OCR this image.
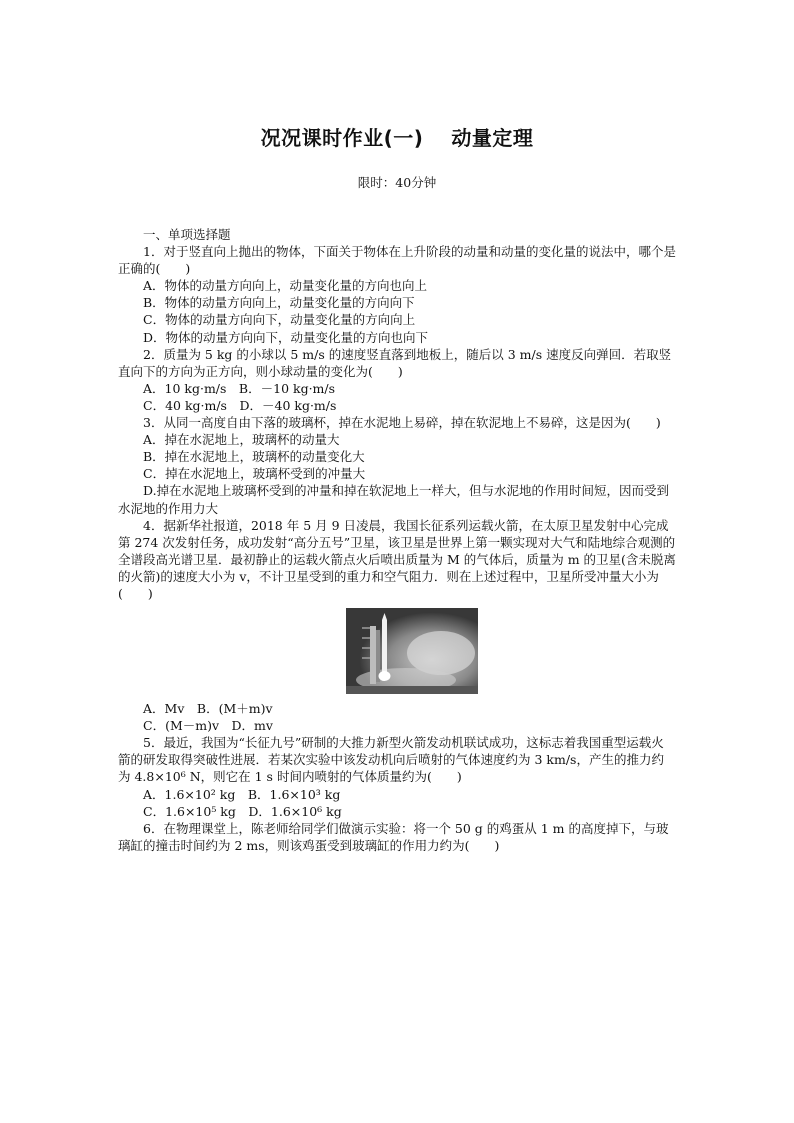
况况课时作业(一)　 动量定理
限时：40分钟

一、单项选择题

1．对于竖直向上抛出的物体，下面关于物体在上升阶段的动量和动量的变化量的说法中，哪个是正确的(　　)

A．物体的动量方向向上，动量变化量的方向也向上

B．物体的动量方向向上，动量变化量的方向向下

C．物体的动量方向向下，动量变化量的方向向上

D．物体的动量方向向下，动量变化量的方向也向下

2．质量为 5 kg 的小球以 5 m/s 的速度竖直落到地板上，随后以 3 m/s 速度反向弹回．若取竖直向下的方向为正方向，则小球动量的变化为(　　)

A．10 kg·m/s　B．－10 kg·m/s

C．40 kg·m/s　D．－40 kg·m/s

3．从同一高度自由下落的玻璃杯，掉在水泥地上易碎，掉在软泥地上不易碎，这是因为(　　)

A．掉在水泥地上，玻璃杯的动量大

B．掉在水泥地上，玻璃杯的动量变化大

C．掉在水泥地上，玻璃杯受到的冲量大

D.掉在水泥地上玻璃杯受到的冲量和掉在软泥地上一样大，但与水泥地的作用时间短，因而受到水泥地的作用力大

4．据新华社报道，2018 年 5 月 9 日凌晨，我国长征系列运载火箭，在太原卫星发射中心完成第 274 次发射任务，成功发射“高分五号”卫星，该卫星是世界上第一颗实现对大气和陆地综合观测的全谱段高光谱卫星．最初静止的运载火箭点火后喷出质量为 M 的气体后，质量为 m 的卫星(含未脱离的火箭)的速度大小为 v，不计卫星受到的重力和空气阻力．则在上述过程中，卫星所受冲量大小为(　　)

A．Mv　B．(M＋m)v

C．(M－m)v　D．mv

5．最近，我国为“长征九号”研制的大推力新型火箭发动机联试成功，这标志着我国重型运载火箭的研发取得突破性进展．若某次实验中该发动机向后喷射的气体速度约为 3 km/s，产生的推力约为 4.8×10⁶ N，则它在 1 s 时间内喷射的气体质量约为(　　)

A．1.6×10² kg　B．1.6×10³ kg

C．1.6×10⁵ kg　D．1.6×10⁶ kg

6．在物理课堂上，陈老师给同学们做演示实验：将一个 50 g 的鸡蛋从 1 m 的高度掉下，与玻璃缸的撞击时间约为 2 ms，则该鸡蛋受到玻璃缸的作用力约为(　　)
